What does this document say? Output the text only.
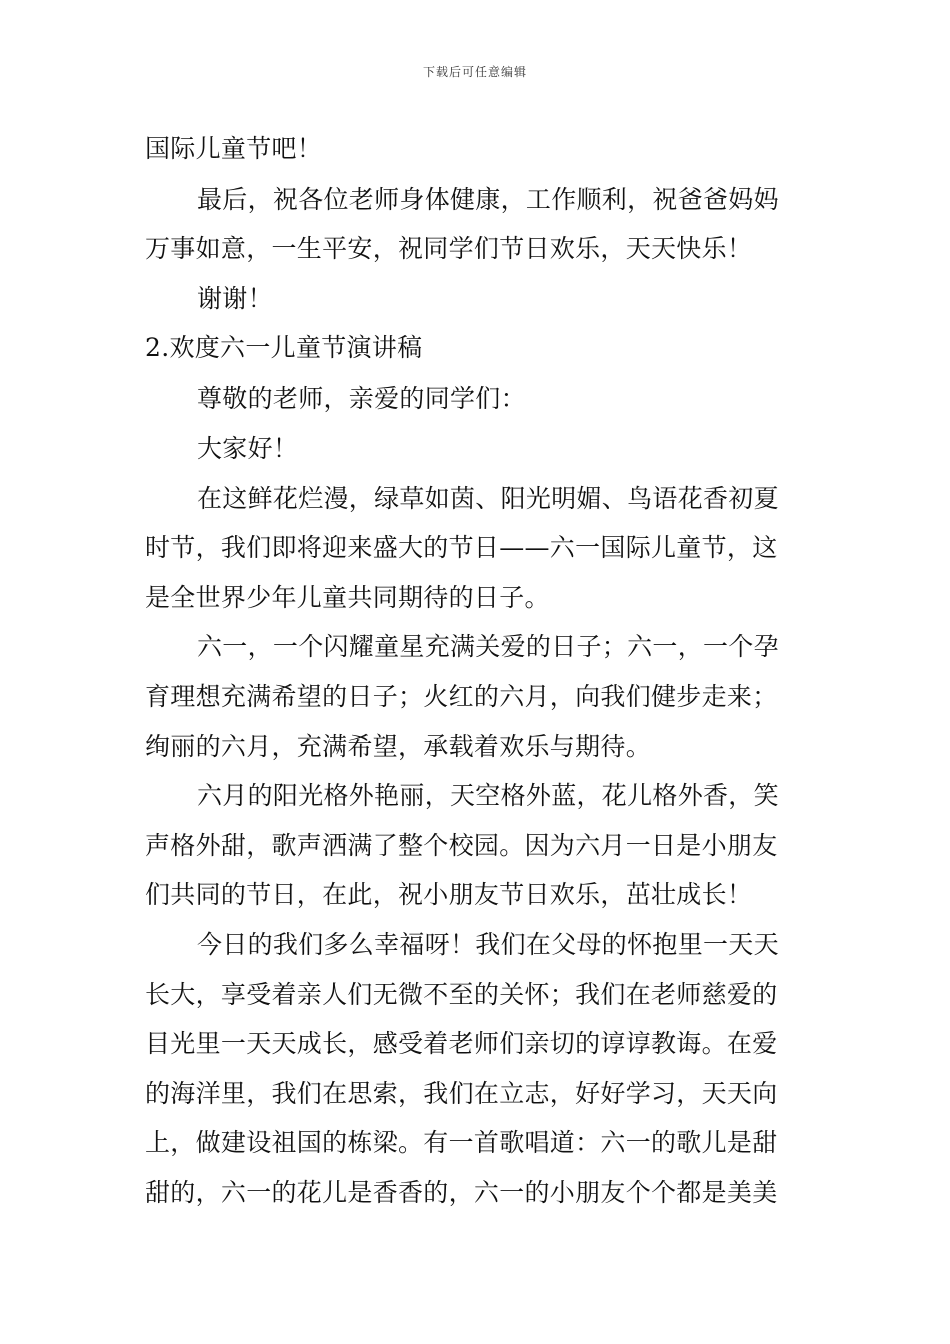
下载后可任意编辑
国际儿童节吧！
最后，祝各位老师身体健康，工作顺利，祝爸爸妈妈
万事如意，一生平安，祝同学们节日欢乐，天天快乐！
谢谢！
2.欢度六一儿童节演讲稿
尊敬的老师，亲爱的同学们：
大家好！
在这鲜花烂漫，绿草如茵、阳光明媚、鸟语花香初夏
时节，我们即将迎来盛大的节日——六一国际儿童节，这
是全世界少年儿童共同期待的日子。
六一，一个闪耀童星充满关爱的日子；六一，一个孕
育理想充满希望的日子；火红的六月，向我们健步走来；
绚丽的六月，充满希望，承载着欢乐与期待。
六月的阳光格外艳丽，天空格外蓝，花儿格外香，笑
声格外甜，歌声洒满了整个校园。因为六月一日是小朋友
们共同的节日，在此，祝小朋友节日欢乐，茁壮成长！
今日的我们多么幸福呀！我们在父母的怀抱里一天天
长大，享受着亲人们无微不至的关怀；我们在老师慈爱的
目光里一天天成长，感受着老师们亲切的谆谆教诲。在爱
的海洋里，我们在思索，我们在立志，好好学习，天天向
上，做建设祖国的栋梁。有一首歌唱道：六一的歌儿是甜
甜的，六一的花儿是香香的，六一的小朋友个个都是美美
